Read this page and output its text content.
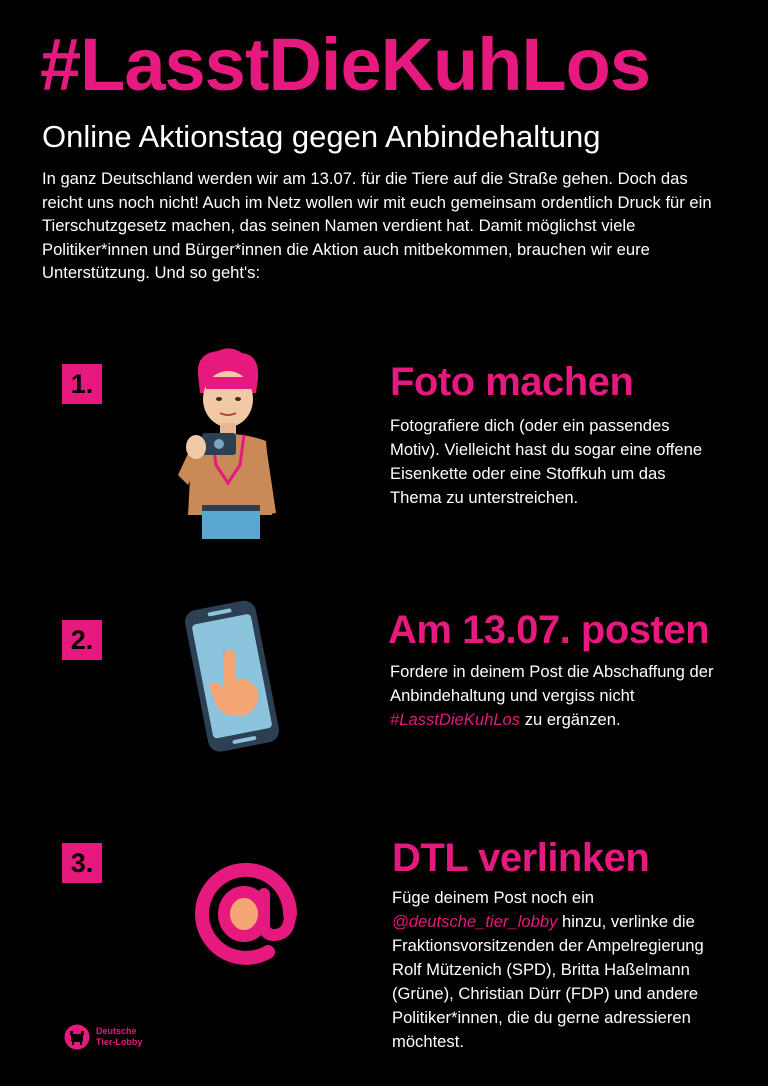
#LasstDieKuhLos
Online Aktionstag gegen Anbindehaltung
In ganz Deutschland werden wir am 13.07. für die Tiere auf die Straße gehen. Doch das reicht uns noch nicht! Auch im Netz wollen wir mit euch gemeinsam ordentlich Druck für ein Tierschutzgesetz machen, das seinen Namen verdient hat. Damit möglichst viele Politiker*innen und Bürger*innen die Aktion auch mitbekommen, brauchen wir eure Unterstützung. Und so geht's:
1.	Foto machen
Fotografiere dich (oder ein passendes Motiv). Vielleicht hast du sogar eine offene Eisenkette oder eine Stoffkuh um das Thema zu unterstreichen.
2.	Am 13.07. posten
Fordere in deinem Post die Abschaffung der Anbindehaltung und vergiss nicht #LasstDieKuhLos zu ergänzen.
3.	DTL verlinken
Füge deinem Post noch ein @deutsche_tier_lobby hinzu, verlinke die Fraktionsvorsitzenden der Ampelregierung Rolf Mützenich (SPD), Britta Haßelmann (Grüne), Christian Dürr (FDP) und andere Politiker*innen, die du gerne adressieren möchtest.
Deutsche
Tier-Lobby
